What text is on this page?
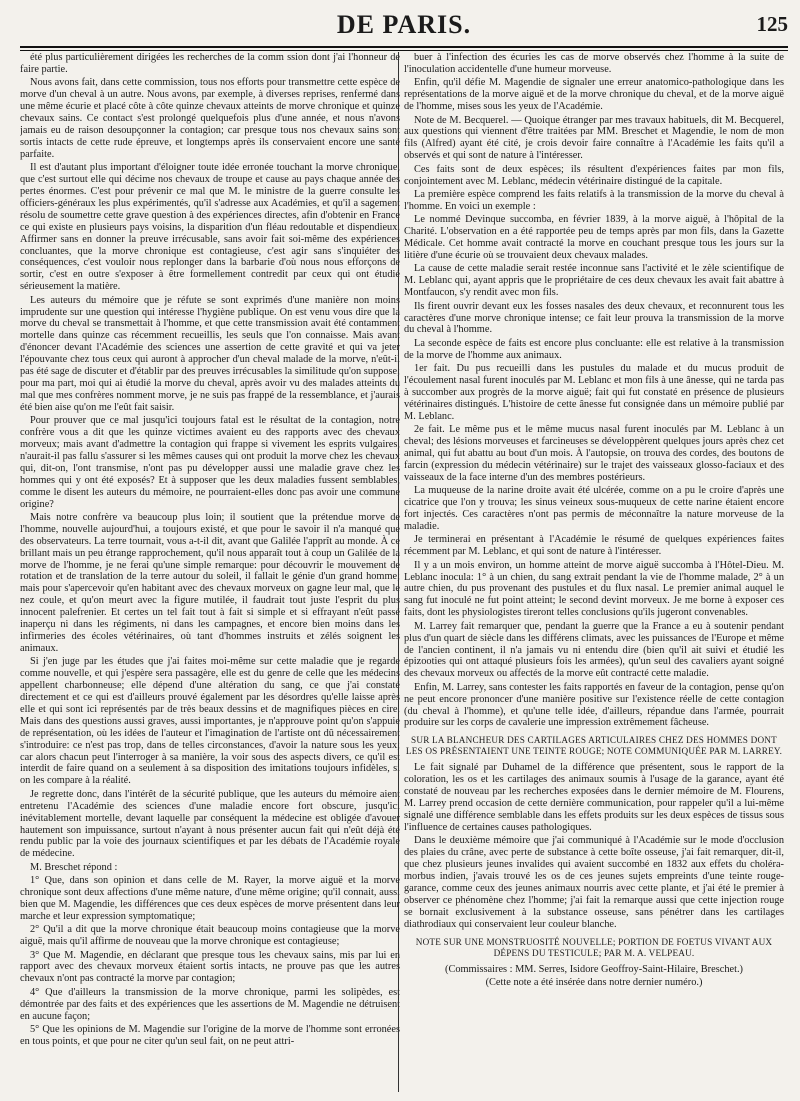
DE PARIS.	125

été plus particulièrement dirigées les recherches de la comm ssion dont j'ai l'honneur de faire partie.

Nous avons fait, dans cette commission, tous nos efforts pour transmettre cette espèce de morve d'un cheval à un autre. Nous avons, par exemple, à diverses reprises, renfermé dans une même écurie et placé côte à côte quinze chevaux atteints de morve chronique et quinze chevaux sains. Ce contact s'est prolongé quelquefois plus d'une année, et nous n'avons jamais eu de raison desoupçonner la contagion; car presque tous nos chevaux sains sont sortis intacts de cette rude épreuve, et longtemps après ils conservaient encore une santé parfaite.

Il est d'autant plus important d'éloigner toute idée erronée touchant la morve chronique, que c'est surtout elle qui décime nos chevaux de troupe et cause au pays chaque année des pertes énormes. C'est pour prévenir ce mal que M. le ministre de la guerre consulte les officiers-généraux les plus expérimentés, qu'il s'adresse aux Académies, et qu'il a sagement résolu de soumettre cette grave question à des expériences directes, afin d'obtenir en France ce qui existe en plusieurs pays voisins, la disparition d'un fléau redoutable et dispendieux. Affirmer sans en donner la preuve irrécusable, sans avoir fait soi-même des expériences concluantes, que la morve chronique est contagieuse, c'est agir sans s'inquiéter des conséquences, c'est vouloir nous replonger dans la barbarie d'où nous nous efforçons de sortir, c'est en outre s'exposer à être formellement contredit par ceux qui ont étudié sérieusement la matière.

Les auteurs du mémoire que je réfute se sont exprimés d'une manière non moins imprudente sur une question qui intéresse l'hygiène publique. On est venu vous dire que la morve du cheval se transmettait à l'homme, et que cette transmission avait été contamment mortelle dans quinze cas récemment recueillis, les seuls que l'on connaisse. Mais avant d'énoncer devant l'Académie des sciences une assertion de cette gravité et qui va jeter l'épouvante chez tous ceux qui auront à approcher d'un cheval malade de la morve, n'eût-il pas été sage de discuter et d'établir par des preuves irrécusables la similitude qu'on suppose; pour ma part, moi qui ai étudié la morve du cheval, après avoir vu des malades atteints du mal que mes confrères nomment morve, je ne suis pas frappé de la ressemblance, et j'aurais été bien aise qu'on me l'eût fait saisir.

Pour prouver que ce mal jusqu'ici toujours fatal est le résultat de la contagion, notre confrère vous a dit que les quinze victimes avaient eu des rapports avec des chevaux morveux; mais avant d'admettre la contagion qui frappe si vivement les esprits vulgaires, n'aurait-il pas fallu s'assurer si les mêmes causes qui ont produit la morve chez les chevaux qui, dit-on, l'ont transmise, n'ont pas pu développer aussi une maladie grave chez les hommes qui y ont été exposés? Et à supposer que les deux maladies fussent semblables, comme le disent les auteurs du mémoire, ne pourraient-elles donc pas avoir une commune origine?

Mais notre confrère va beaucoup plus loin; il soutient que la prétendue morve de l'homme, nouvelle aujourd'hui, a toujours existé, et que pour le savoir il n'a manqué que des observateurs. La terre tournait, vous a-t-il dit, avant que Galilée l'apprît au monde. À ce brillant mais un peu étrange rapprochement, qu'il nous apparaît tout à coup un Galilée de la morve de l'homme, je ne ferai qu'une simple remarque: pour découvrir le mouvement de rotation et de translation de la terre autour du soleil, il fallait le génie d'un grand homme; mais pour s'apercevoir qu'en habitant avec des chevaux morveux on gagne leur mal, que le nez coule, et qu'on meurt avec la figure mutilée, il faudrait tout juste l'esprit du plus innocent palefrenier. Et certes un tel fait tout à fait si simple et si effrayant n'eût passé inaperçu ni dans les régiments, ni dans les campagnes, et encore bien moins dans les infirmeries des écoles vétérinaires, où tant d'hommes instruits et zélés soignent les animaux.

Si j'en juge par les études que j'ai faites moi-même sur cette maladie que je regarde comme nouvelle, et qui j'espère sera passagère, elle est du genre de celle que les médecins appellent charbonneuse; elle dépend d'une altération du sang, ce que j'ai constaté directement et ce qui est d'ailleurs prouvé également par les désordres qu'elle laisse après elle et qui sont ici représentés par de très beaux dessins et de magnifiques pièces en cire. Mais dans des questions aussi graves, aussi importantes, je n'approuve point qu'on s'appuie de représentation, où les idées de l'auteur et l'imagination de l'artiste ont dû nécessairement s'introduire: ce n'est pas trop, dans de telles circonstances, d'avoir la nature sous les yeux; car alors chacun peut l'interroger à sa manière, la voir sous des aspects divers, ce qu'il est interdit de faire quand on a seulement à sa disposition des imitations toujours infidèles, si on les compare à la réalité.

Je regrette donc, dans l'intérêt de la sécurité publique, que les auteurs du mémoire aient entretenu l'Académie des sciences d'une maladie encore fort obscure, jusqu'ici inévitablement mortelle, devant laquelle par conséquent la médecine est obligée d'avouer hautement son impuissance, surtout n'ayant à nous présenter aucun fait qui n'eût déjà été rendu public par la voie des journaux scientifiques et par les débats de l'Académie royale de médecine.

M. Breschet répond :

1° Que, dans son opinion et dans celle de M. Rayer, la morve aiguë et la morve chronique sont deux affections d'une même nature, d'une même origine; qu'il connait, aussi bien que M. Magendie, les différences que ces deux espèces de morve présentent dans leur marche et leur expression symptomatique;

2° Qu'il a dit que la morve chronique était beaucoup moins contagieuse que la morve aiguë, mais qu'il affirme de nouveau que la morve chronique est contagieuse;

3° Que M. Magendie, en déclarant que presque tous les chevaux sains, mis par lui en rapport avec des chevaux morveux étaient sortis intacts, ne prouve pas que les autres chevaux n'ont pas contracté la morve par contagion;

4° Que d'ailleurs la transmission de la morve chronique, parmi les solipèdes, est démontrée par des faits et des expériences que les assertions de M. Magendie ne détruisent en aucune façon;

5° Que les opinions de M. Magendie sur l'origine de la morve de l'homme sont erronées en tous points, et que pour ne citer qu'un seul fait, on ne peut attri-

buer à l'infection des écuries les cas de morve observés chez l'homme à la suite de l'inoculation accidentelle d'une humeur morveuse.

Enfin, qu'il défie M. Magendie de signaler une erreur anatomico-pathologique dans les représentations de la morve aiguë et de la morve chronique du cheval, et de la morve aiguë de l'homme, mises sous les yeux de l'Académie.

Note de M. Becquerel. — Quoique étranger par mes travaux habituels, dit M. Becquerel, aux questions qui viennent d'être traitées par MM. Breschet et Magendie, le nom de mon fils (Alfred) ayant été cité, je crois devoir faire connaître à l'Académie les faits qu'il a observés et qui sont de nature à l'intéresser.

Ces faits sont de deux espèces; ils résultent d'expériences faites par mon fils, conjointement avec M. Leblanc, médecin vétérinaire distingué de la capitale.

La première espèce comprend les faits relatifs à la transmission de la morve du cheval à l'homme. En voici un exemple :

Le nommé Devinque succomba, en février 1839, à la morve aiguë, à l'hôpital de la Charité. L'observation en a été rapportée peu de temps après par mon fils, dans la Gazette Médicale. Cet homme avait contracté la morve en couchant presque tous les jours sur la litière d'une écurie où se trouvaient deux chevaux malades.

La cause de cette maladie serait restée inconnue sans l'activité et le zèle scientifique de M. Leblanc qui, ayant appris que le propriétaire de ces deux chevaux les avait fait abattre à Montfaucon, s'y rendit avec mon fils.

Ils firent ouvrir devant eux les fosses nasales des deux chevaux, et reconnurent tous les caractères d'une morve chronique intense; ce fait leur prouva la transmission de la morve du cheval à l'homme.

La seconde espèce de faits est encore plus concluante: elle est relative à la transmission de la morve de l'homme aux animaux.

1er fait. Du pus recueilli dans les pustules du malade et du mucus produit de l'écoulement nasal furent inoculés par M. Leblanc et mon fils à une ânesse, qui ne tarda pas à succomber aux progrès de la morve aiguë; fait qui fut constaté en présence de plusieurs vétérinaires distingués. L'histoire de cette ânesse fut consignée dans un mémoire publié par M. Leblanc.

2e fait. Le même pus et le même mucus nasal furent inoculés par M. Leblanc à un cheval; des lésions morveuses et farcineuses se développèrent quelques jours après chez cet animal, qui fut abattu au bout d'un mois. À l'autopsie, on trouva des cordes, des boutons de farcin (expression du médecin vétérinaire) sur le trajet des vaisseaux glosso-faciaux et des vaisseaux de la face interne d'un des membres postérieurs.

La muqueuse de la narine droite avait été ulcérée, comme on a pu le croire d'après une cicatrice que l'on y trouva; les sinus veineux sous-muqueux de cette narine étaient encore fort injectés. Ces caractères n'ont pas permis de méconnaître la nature morveuse de la maladie.

Je terminerai en présentant à l'Académie le résumé de quelques expériences faites récemment par M. Leblanc, et qui sont de nature à l'intéresser.

Il y a un mois environ, un homme atteint de morve aiguë succomba à l'Hôtel-Dieu. M. Leblanc inocula: 1° à un chien, du sang extrait pendant la vie de l'homme malade, 2° à un autre chien, du pus provenant des pustules et du flux nasal. Le premier animal auquel le sang fut inoculé ne fut point atteint; le second devint morveux. Je me borne à exposer ces faits, dont les physiologistes tireront telles conclusions qu'ils jugeront convenables.

M. Larrey fait remarquer que, pendant la guerre que la France a eu à soutenir pendant plus d'un quart de siècle dans les différens climats, avec les puissances de l'Europe et même de l'ancien continent, il n'a jamais vu ni entendu dire (bien qu'il ait suivi et étudié les épizooties qui ont attaqué plusieurs fois les armées), qu'un seul des cavaliers ayant soigné des chevaux morveux ou affectés de la morve eût contracté cette maladie.

Enfin, M. Larrey, sans contester les faits rapportés en faveur de la contagion, pense qu'on ne peut encore prononcer d'une manière positive sur l'existence réelle de cette contagion (du cheval à l'homme), et qu'une telle idée, d'ailleurs, répandue dans l'armée, pourrait produire sur les corps de cavalerie une impression extrêmement fâcheuse.

SUR LA BLANCHEUR DES CARTILAGES ARTICULAIRES CHEZ DES HOMMES DONT LES OS PRÉSENTAIENT UNE TEINTE ROUGE; NOTE COMMUNIQUÉE PAR M. LARREY.

Le fait signalé par Duhamel de la différence que présentent, sous le rapport de la coloration, les os et les cartilages des animaux soumis à l'usage de la garance, ayant été constaté de nouveau par les recherches exposées dans le dernier mémoire de M. Flourens, M. Larrey prend occasion de cette dernière communication, pour rappeler qu'il a lui-même signalé une différence semblable dans les effets produits sur les deux espèces de tissus sous l'influence de certaines causes pathologiques.

Dans le deuxième mémoire que j'ai communiqué à l'Académie sur le mode d'occlusion des plaies du crâne, avec perte de substance à cette boîte osseuse, j'ai fait remarquer, dit-il, que chez plusieurs jeunes invalides qui avaient succombé en 1832 aux effets du choléra-morbus indien, j'avais trouvé les os de ces jeunes sujets empreints d'une teinte rouge-garance, comme ceux des jeunes animaux nourris avec cette plante, et j'ai été le premier à observer ce phénomène chez l'homme; j'ai fait la remarque aussi que cette injection rouge se bornait exclusivement à la substance osseuse, sans pénétrer dans les cartilages diathrodiaux qui conservaient leur couleur blanche.

NOTE SUR UNE MONSTRUOSITÉ NOUVELLE; PORTION DE FOETUS VIVANT AUX DÉPENS DU TESTICULE; PAR M. A. VELPEAU.

(Commissaires : MM. Serres, Isidore Geoffroy-Saint-Hilaire, Breschet.)

(Cette note a été insérée dans notre dernier numéro.)
